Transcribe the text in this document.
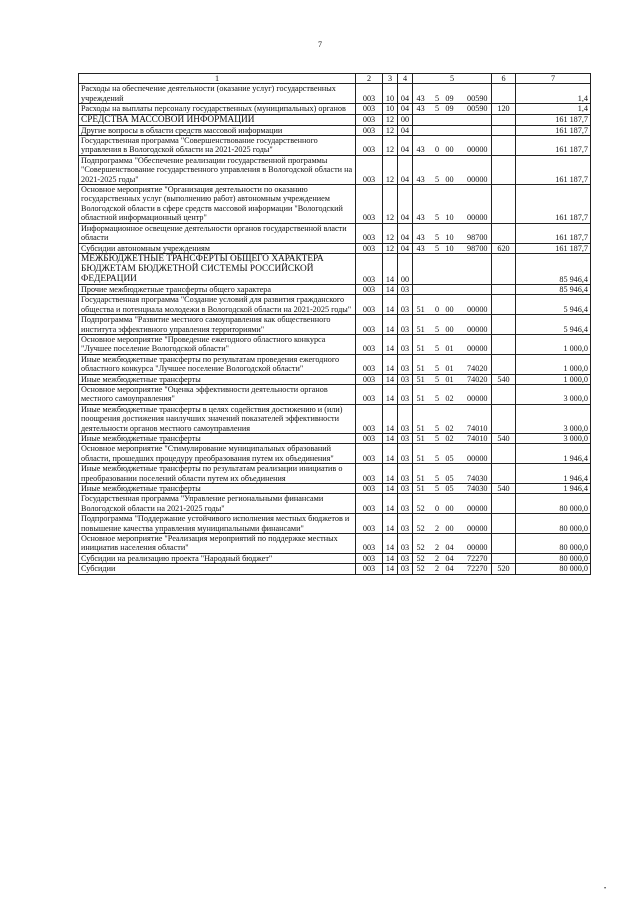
7
1	2	3	4	5	6	7
Расходы на обеспечение деятельности (оказание услуг) государственных учреждений	003	10	04	43 5 09 00590		1,4
Расходы на выплаты персоналу государственных (муниципальных) органов	003	10	04	43 5 09 00590	120	1,4
СРЕДСТВА МАССОВОЙ ИНФОРМАЦИИ	003	12	00			161 187,7
Другие вопросы в области средств массовой информации	003	12	04			161 187,7
Государственная программа "Совершенствование государственного управления в Вологодской области на 2021-2025 годы"	003	12	04	43 0 00 00000		161 187,7
Подпрограмма "Обеспечение реализации государственной программы "Совершенствование государственного управления в Вологодской области на 2021-2025 годы"	003	12	04	43 5 00 00000		161 187,7
Основное мероприятие "Организация деятельности по оказанию государственных услуг (выполнению работ) автономным учреждением Вологодской области в сфере средств массовой информации "Вологодский областной информационный центр"	003	12	04	43 5 10 00000		161 187,7
Информационное освещение деятельности органов государственной власти области	003	12	04	43 5 10 98700		161 187,7
Субсидии автономным учреждениям	003	12	04	43 5 10 98700	620	161 187,7
МЕЖБЮДЖЕТНЫЕ ТРАНСФЕРТЫ ОБЩЕГО ХАРАКТЕРА БЮДЖЕТАМ БЮДЖЕТНОЙ СИСТЕМЫ РОССИЙСКОЙ ФЕДЕРАЦИИ	003	14	00			85 946,4
Прочие межбюджетные трансферты общего характера	003	14	03			85 946,4
Государственная программа "Создание условий для развития гражданского общества и потенциала молодежи в Вологодской области на 2021-2025 годы"	003	14	03	51 0 00 00000		5 946,4
Подпрограмма "Развитие местного самоуправления как общественного института эффективного управления территориями"	003	14	03	51 5 00 00000		5 946,4
Основное мероприятие "Проведение ежегодного областного конкурса "Лучшее поселение Вологодской области"	003	14	03	51 5 01 00000		1 000,0
Иные межбюджетные трансферты по результатам проведения ежегодного областного конкурса "Лучшее поселение Вологодской области"	003	14	03	51 5 01 74020		1 000,0
Иные межбюджетные трансферты	003	14	03	51 5 01 74020	540	1 000,0
Основное мероприятие "Оценка эффективности деятельности органов местного самоуправления"	003	14	03	51 5 02 00000		3 000,0
Иные межбюджетные трансферты в целях содействия достижению и (или) поощрения достижения наилучших значений показателей эффективности деятельности органов местного самоуправления	003	14	03	51 5 02 74010		3 000,0
Иные межбюджетные трансферты	003	14	03	51 5 02 74010	540	3 000,0
Основное мероприятие "Стимулирование муниципальных образований области, прошедших процедуру преобразования путем их объединения"	003	14	03	51 5 05 00000		1 946,4
Иные межбюджетные трансферты по результатам реализации инициатив о преобразовании поселений области путем их объединения	003	14	03	51 5 05 74030		1 946,4
Иные межбюджетные трансферты	003	14	03	51 5 05 74030	540	1 946,4
Государственная программа "Управление региональными финансами Вологодской области на 2021-2025 годы"	003	14	03	52 0 00 00000		80 000,0
Подпрограмма "Поддержание устойчивого исполнения местных бюджетов и повышение качества управления муниципальными финансами"	003	14	03	52 2 00 00000		80 000,0
Основное мероприятие "Реализация мероприятий по поддержке местных инициатив населения области"	003	14	03	52 2 04 00000		80 000,0
Субсидии на реализацию проекта "Народный бюджет"	003	14	03	52 2 04 72270		80 000,0
Субсидии	003	14	03	52 2 04 72270	520	80 000,0
•
